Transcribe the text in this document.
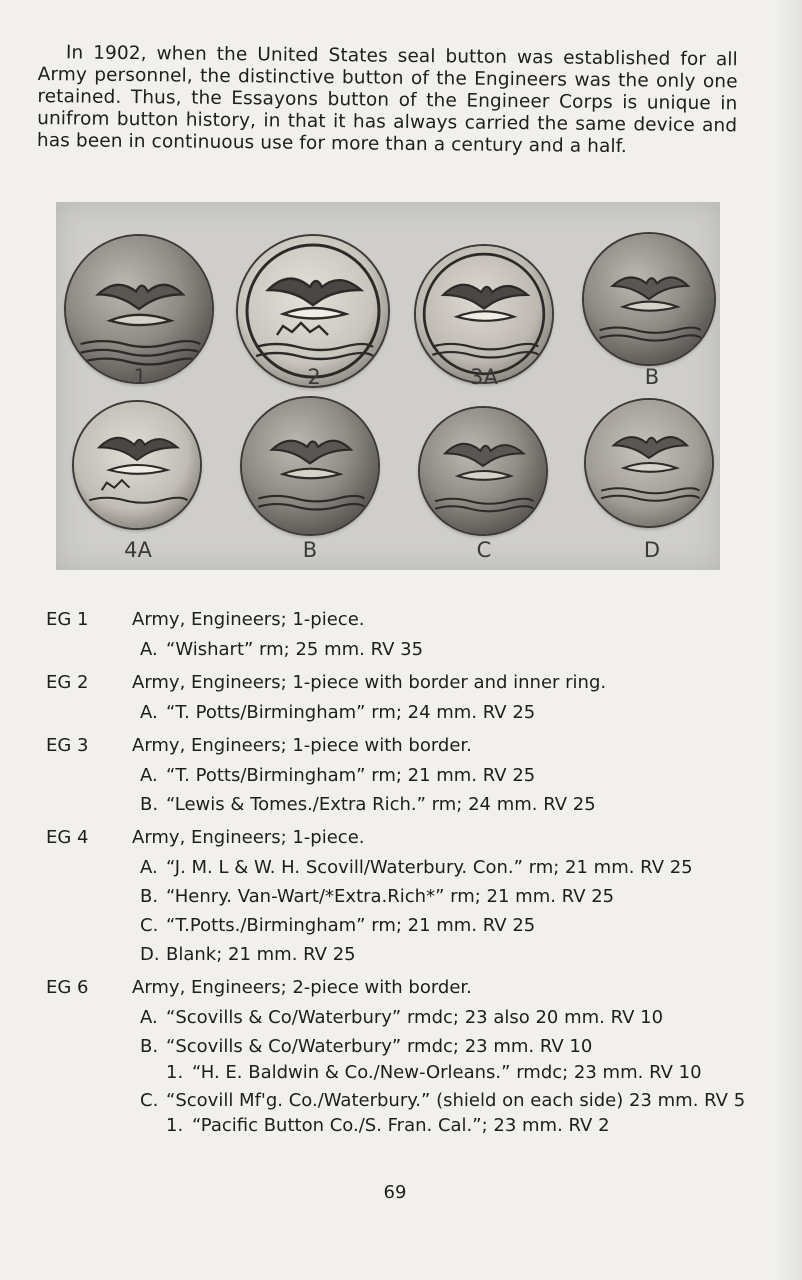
In 1902, when the United States seal button was established for all Army personnel, the distinctive button of the Engineers was the only one retained. Thus, the Essayons button of the Engineer Corps is unique in unifrom button history, in that it has always carried the same device and has been in continuous use for more than a century and a half.

1	2	3A	B
4A	B	C	D
EG 1	Army, Engineers; 1-piece.
A. “Wishart” rm; 25 mm. RV 35
EG 2	Army, Engineers; 1-piece with border and inner ring.
A. “T. Potts/Birmingham” rm; 24 mm. RV 25
EG 3	Army, Engineers; 1-piece with border.
A. “T. Potts/Birmingham” rm; 21 mm. RV 25
B. “Lewis & Tomes./Extra Rich.” rm; 24 mm. RV 25
EG 4	Army, Engineers; 1-piece.
A. “J. M. L & W. H. Scovill/Waterbury. Con.” rm; 21 mm. RV 25
B. “Henry. Van-Wart/*Extra.Rich*” rm; 21 mm. RV 25
C. “T.Potts./Birmingham” rm; 21 mm. RV 25
D. Blank; 21 mm. RV 25
EG 6	Army, Engineers; 2-piece with border.
A. “Scovills & Co/Waterbury” rmdc; 23 also 20 mm. RV 10
B. “Scovills & Co/Waterbury” rmdc; 23 mm. RV 10
1. “H. E. Baldwin & Co./New-Orleans.” rmdc; 23 mm. RV 10
C. “Scovill Mf'g. Co./Waterbury.” (shield on each side) 23 mm. RV 5
1. “Pacific Button Co./S. Fran. Cal.”; 23 mm. RV 2
69
